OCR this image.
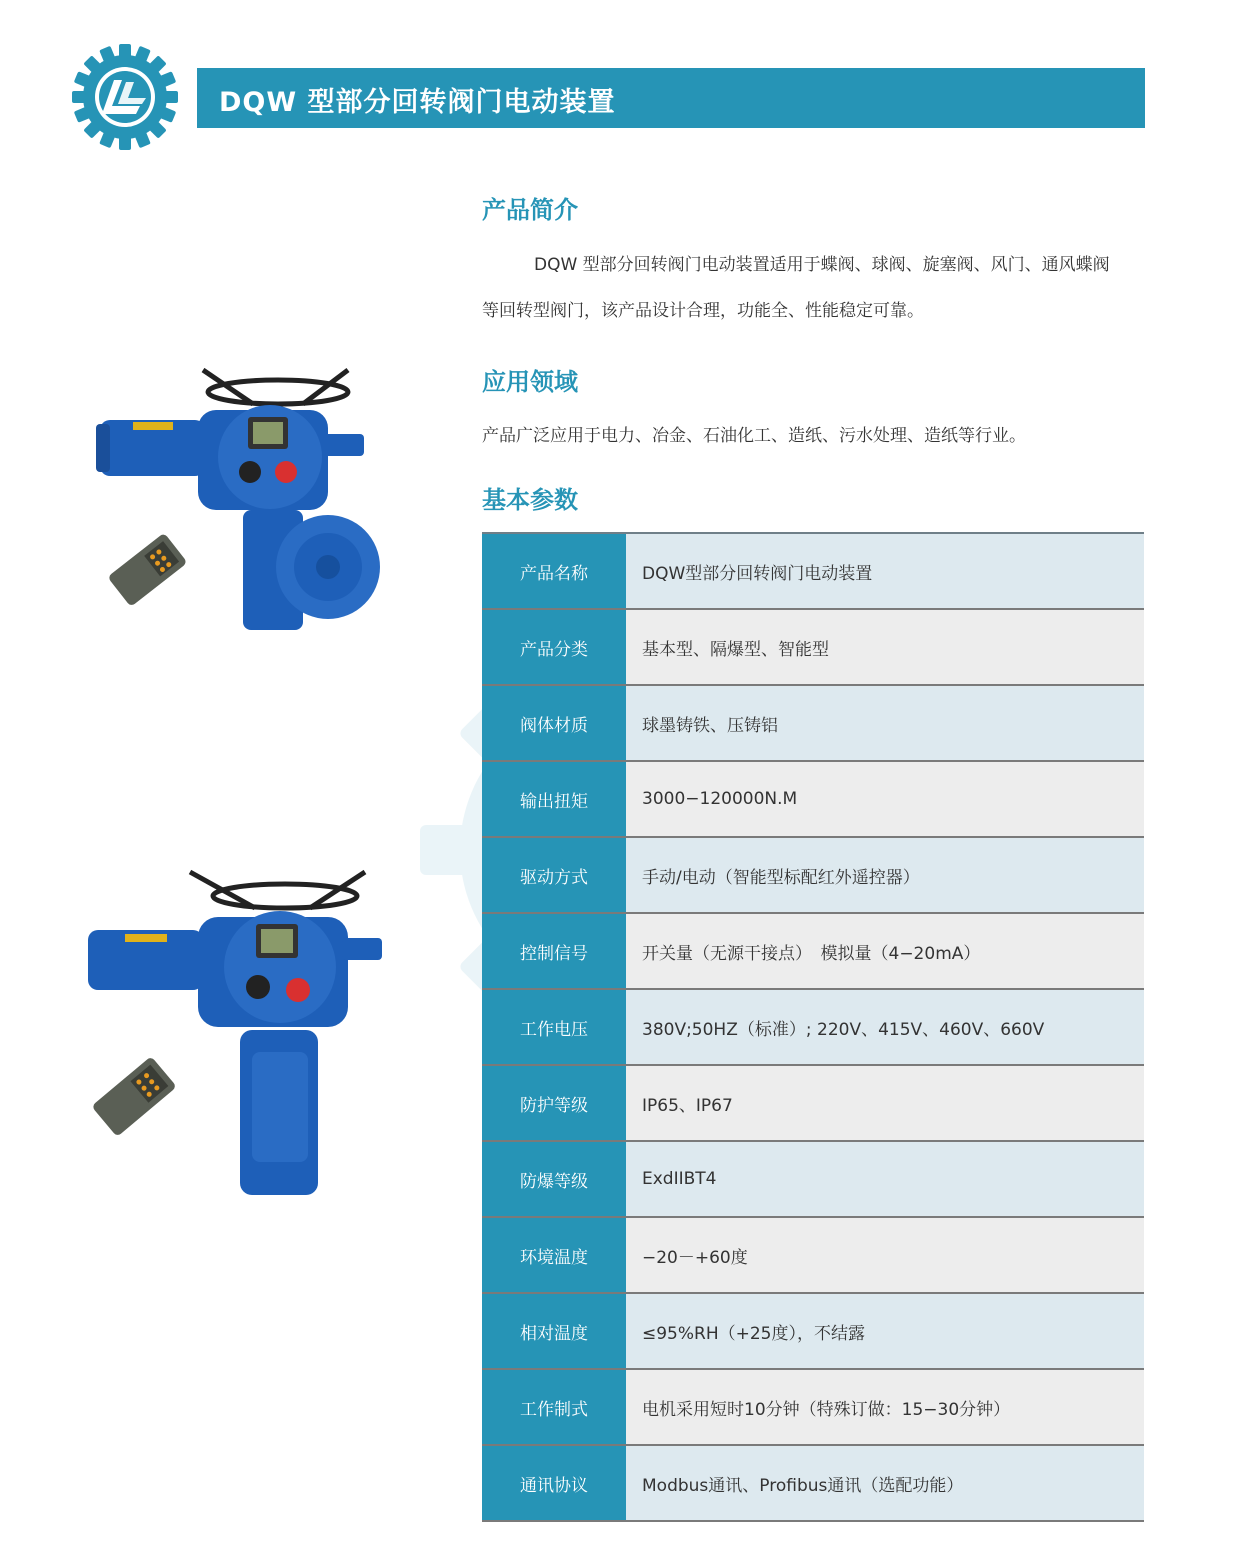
DQW 型部分回转阀门电动装置
产品简介
DQW 型部分回转阀门电动装置适用于蝶阀、球阀、旋塞阀、风门、通风蝶阀
等回转型阀门，该产品设计合理，功能全、性能稳定可靠。
应用领域
产品广泛应用于电力、冶金、石油化工、造纸、污水处理、造纸等行业。
基本参数
产品名称	DQW型部分回转阀门电动装置
产品分类	基本型、隔爆型、智能型
阀体材质	球墨铸铁、压铸铝
输出扭矩	3000−120000N.M
驱动方式	手动/电动（智能型标配红外遥控器）
控制信号	开关量（无源干接点）　模拟量（4−20mA）
工作电压	380V;50HZ（标准）; 220V、415V、460V、660V
防护等级	IP65、IP67
防爆等级	ExdIIBT4
环境温度	−20－+60度
相对温度	≤95%RH（+25度），不结露
工作制式	电机采用短时10分钟（特殊订做：15−30分钟）
通讯协议	Modbus通讯、Profibus通讯（选配功能）
